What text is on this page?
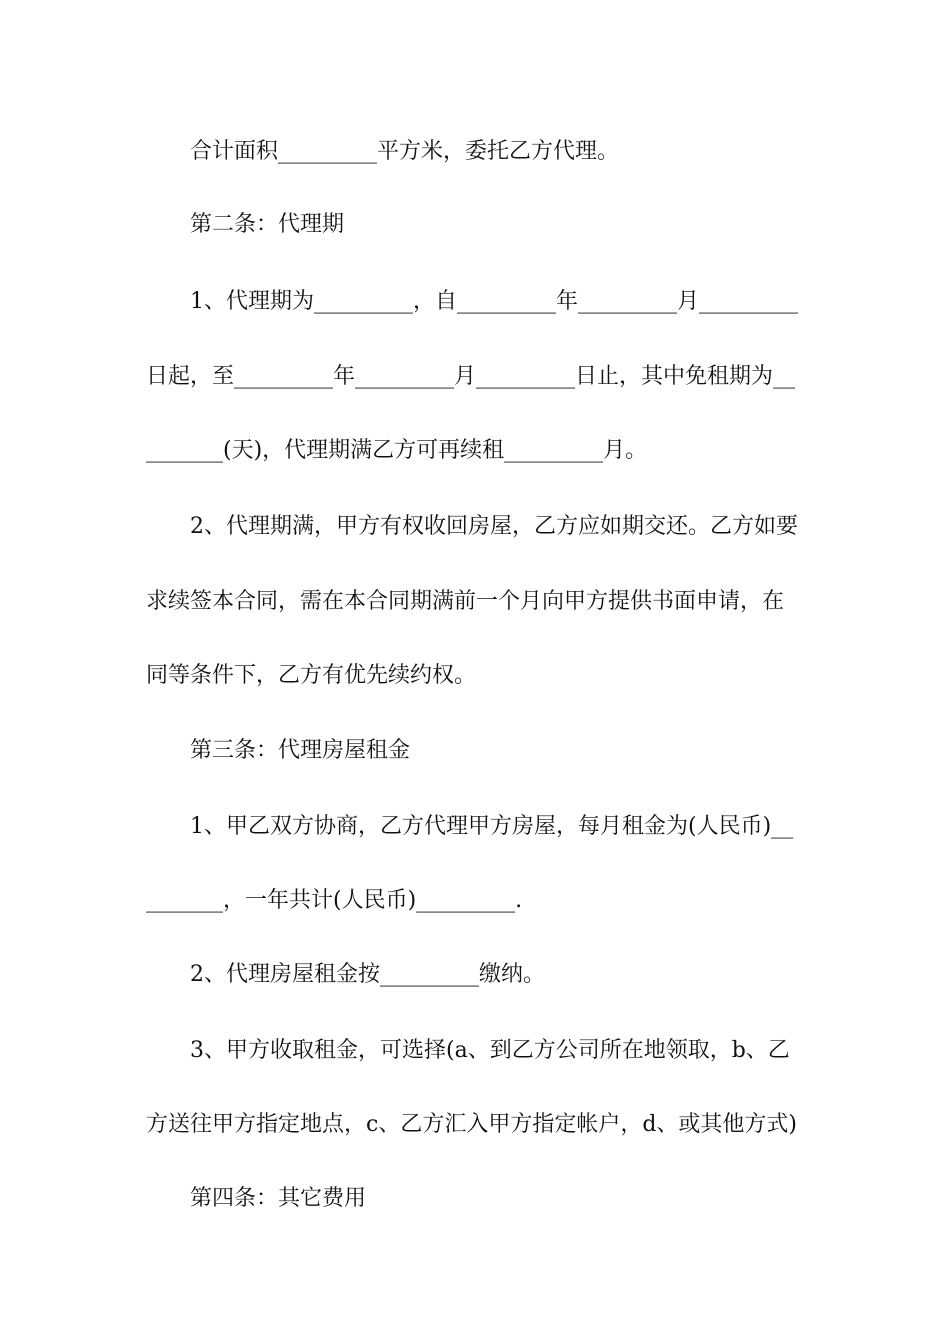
合计面积_________平方米，委托乙方代理。
第二条：代理期
1、代理期为_________，自_________年_________月_________
日起，至_________年_________月_________日止，其中免租期为__
_______(天)，代理期满乙方可再续租_________月。
2、代理期满，甲方有权收回房屋，乙方应如期交还。乙方如要
求续签本合同，需在本合同期满前一个月向甲方提供书面申请，在
同等条件下，乙方有优先续约权。
第三条：代理房屋租金
1、甲乙双方协商，乙方代理甲方房屋，每月租金为(人民币)__
_______，一年共计(人民币)_________.
2、代理房屋租金按_________缴纳。
3、甲方收取租金，可选择(a、到乙方公司所在地领取，b、乙
方送往甲方指定地点，c、乙方汇入甲方指定帐户，d、或其他方式)
第四条：其它费用
